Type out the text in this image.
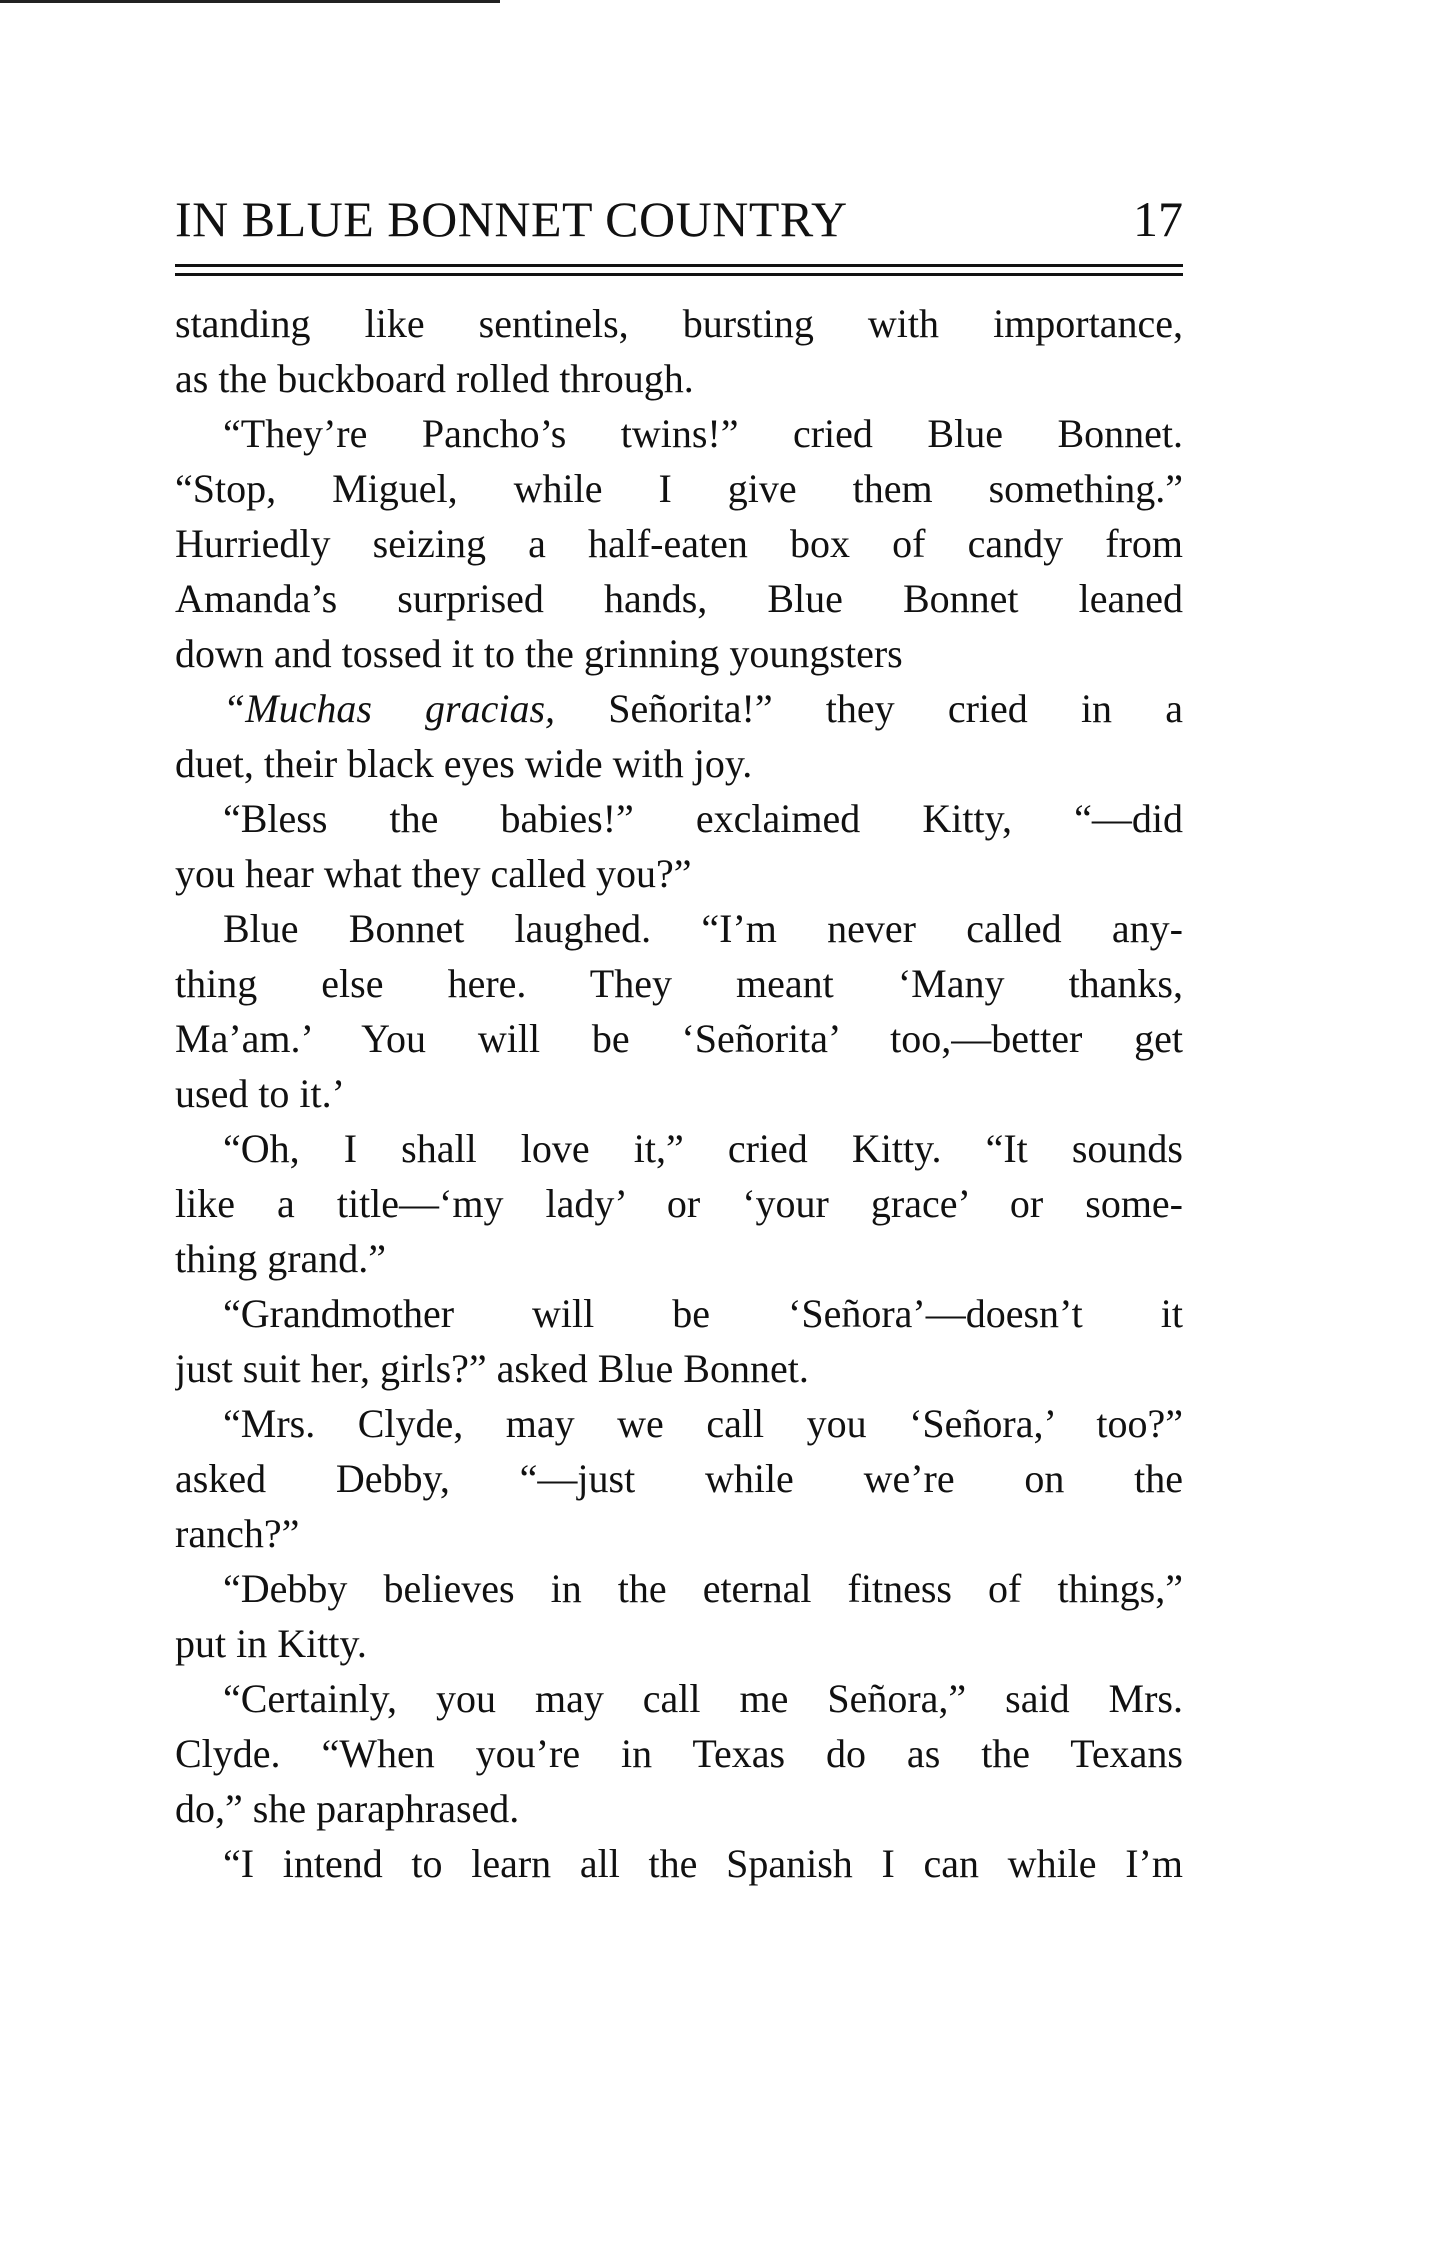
IN BLUE BONNET COUNTRY	17
standing like sentinels, bursting with importance,
as the buckboard rolled through.
“They’re Pancho’s twins!” cried Blue Bonnet.
“Stop, Miguel, while I give them something.”
Hurriedly seizing a half-eaten box of candy from
Amanda’s surprised hands, Blue Bonnet leaned
down and tossed it to the grinning youngsters
“Muchas gracias, Señorita!” they cried in a
duet, their black eyes wide with joy.
“Bless the babies!” exclaimed Kitty, “—did
you hear what they called you?”
Blue Bonnet laughed. “I’m never called any-
thing else here. They meant ‘Many thanks,
Ma’am.’ You will be ‘Señorita’ too,—better get
used to it.’
“Oh, I shall love it,” cried Kitty. “It sounds
like a title—‘my lady’ or ‘your grace’ or some-
thing grand.”
“Grandmother will be ‘Señora’—doesn’t it
just suit her, girls?” asked Blue Bonnet.
“Mrs. Clyde, may we call you ‘Señora,’ too?”
asked Debby, “—just while we’re on the
ranch?”
“Debby believes in the eternal fitness of things,”
put in Kitty.
“Certainly, you may call me Señora,” said Mrs.
Clyde. “When you’re in Texas do as the Texans
do,” she paraphrased.
“I intend to learn all the Spanish I can while I’m
